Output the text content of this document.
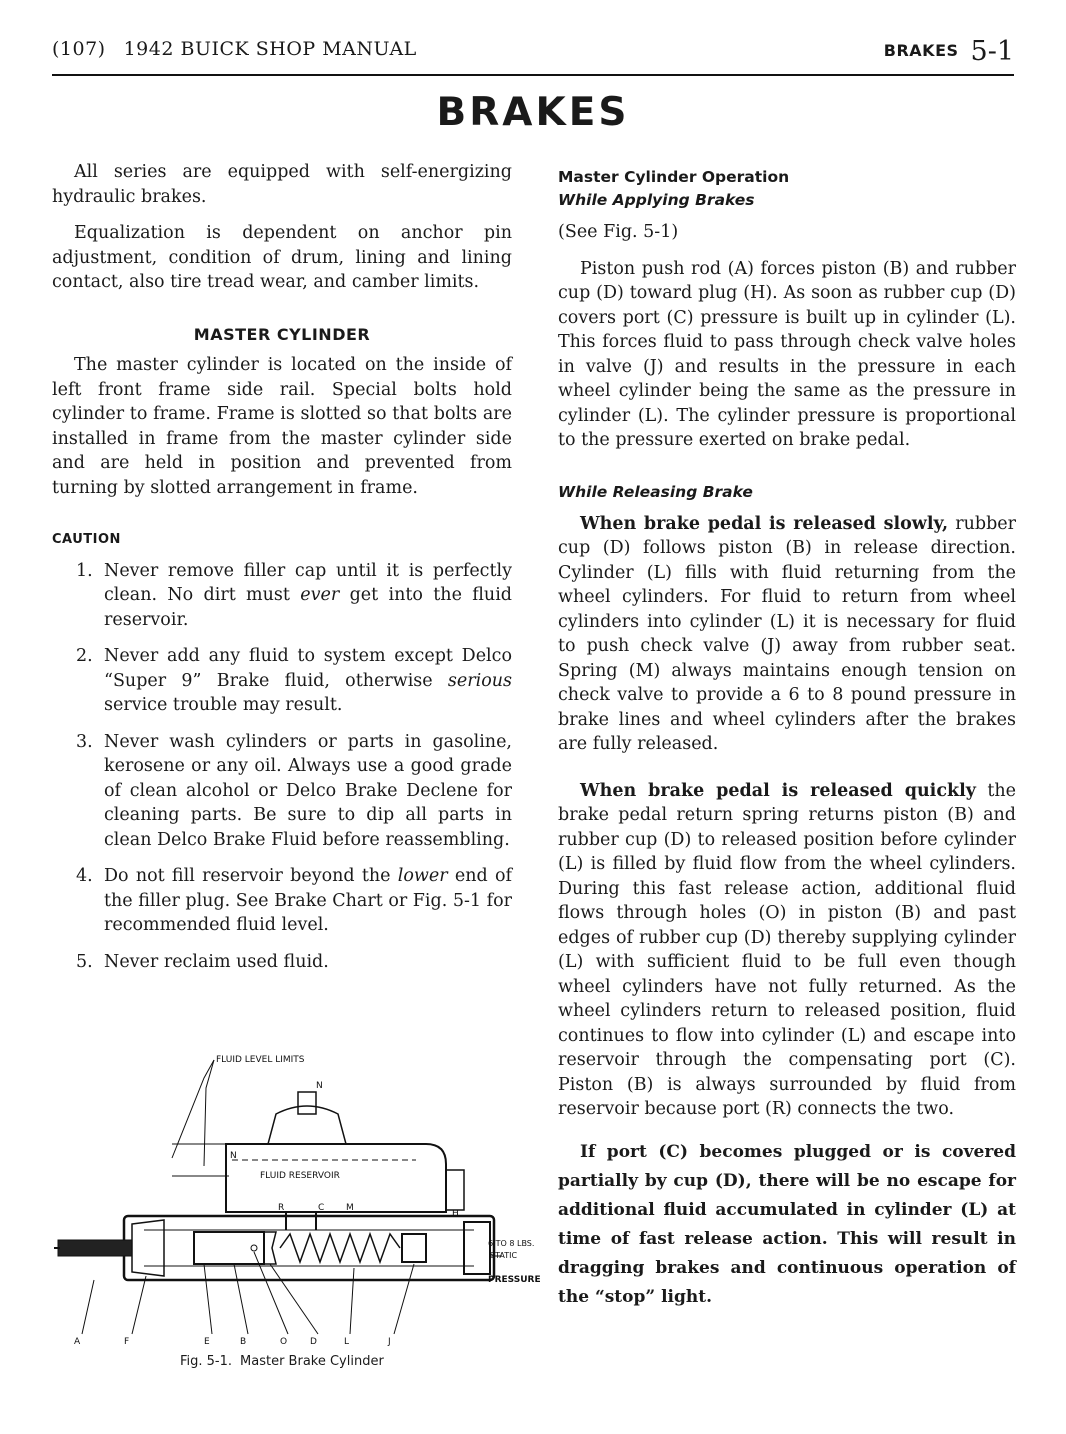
(107) 1942 BUICK SHOP MANUAL	BRAKES 5-1
BRAKES

All series are equipped with self-energizing hydraulic brakes.

Equalization is dependent on anchor pin adjustment, condition of drum, lining and lining contact, also tire tread wear, and camber limits.

MASTER CYLINDER

The master cylinder is located on the inside of left front frame side rail. Special bolts hold cylinder to frame. Frame is slotted so that bolts are installed in frame from the master cylinder side and are held in position and prevented from turning by slotted arrangement in frame.

CAUTION
1. Never remove filler cap until it is perfectly clean. No dirt must ever get into the fluid reservoir.
2. Never add any fluid to system except Delco “Super 9” Brake fluid, otherwise serious service trouble may result.
3. Never wash cylinders or parts in gasoline, kerosene or any oil. Always use a good grade of clean alcohol or Delco Brake Declene for cleaning parts. Be sure to dip all parts in clean Delco Brake Fluid before reassembling.
4. Do not fill reservoir beyond the lower end of the filler plug. See Brake Chart or Fig. 5-1 for recommended fluid level.
5. Never reclaim used fluid.
FLUID LEVEL LIMITS
N
N
FLUID RESERVOIR
R	C M
H
A	F	E	B	O	D	L	J
6 TO 8 LBS.
STATIC
PRESSURE
Fig. 5-1. Master Brake Cylinder
Master Cylinder Operation
While Applying Brakes

(See Fig. 5-1)

Piston push rod (A) forces piston (B) and rubber cup (D) toward plug (H). As soon as rubber cup (D) covers port (C) pressure is built up in cylinder (L). This forces fluid to pass through check valve holes in valve (J) and results in the pressure in each wheel cylinder being the same as the pressure in cylinder (L). The cylinder pressure is proportional to the pressure exerted on brake pedal.

While Releasing Brake

When brake pedal is released slowly, rubber cup (D) follows piston (B) in release direction. Cylinder (L) fills with fluid returning from the wheel cylinders. For fluid to return from wheel cylinders into cylinder (L) it is necessary for fluid to push check valve (J) away from rubber seat. Spring (M) always maintains enough tension on check valve to provide a 6 to 8 pound pressure in brake lines and wheel cylinders after the brakes are fully released.

When brake pedal is released quickly the brake pedal return spring returns piston (B) and rubber cup (D) to released position before cylinder (L) is filled by fluid flow from the wheel cylinders. During this fast release action, additional fluid flows through holes (O) in piston (B) and past edges of rubber cup (D) thereby supplying cylinder (L) with sufficient fluid to be full even though wheel cylinders have not fully returned. As the wheel cylinders return to released position, fluid continues to flow into cylinder (L) and escape into reservoir through the compensating port (C). Piston (B) is always surrounded by fluid from reservoir because port (R) connects the two.

If port (C) becomes plugged or is covered partially by cup (D), there will be no escape for additional fluid accumulated in cylinder (L) at time of fast release action. This will result in dragging brakes and continuous operation of the “stop” light.
